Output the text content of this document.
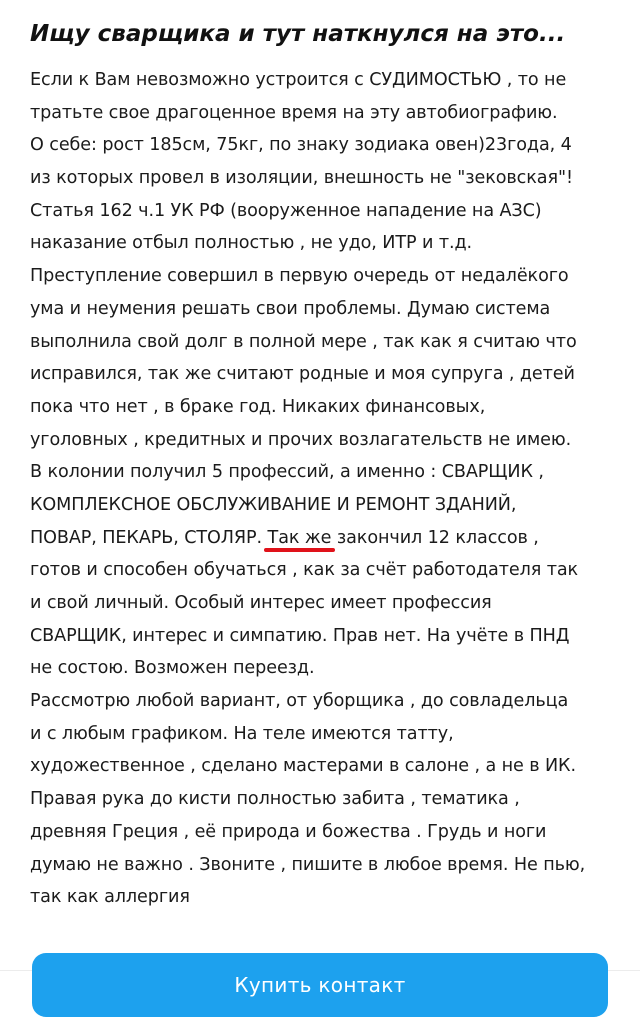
Ищу сварщика и тут наткнулся на это...
Если к Вам невозможно устроится с СУДИМОСТЬЮ , то не
тратьте свое драгоценное время на эту автобиографию.
О себе: рост 185см, 75кг, по знаку зодиака овен)23года, 4
из которых провел в изоляции, внешность не "зековская"!
Статья 162 ч.1 УК РФ (вооруженное нападение на АЗС)
наказание отбыл полностью , не удо, ИТР и т.д.
Преступление совершил в первую очередь от недалёкого
ума и неумения решать свои проблемы. Думаю система
выполнила свой долг в полной мере , так как я считаю что
исправился, так же считают родные и моя супруга , детей
пока что нет , в браке год. Никаких финансовых,
уголовных , кредитных и прочих возлагательств не имею.
В колонии получил 5 профессий, а именно : СВАРЩИК ,
КОМПЛЕКСНОЕ ОБСЛУЖИВАНИЕ И РЕМОНТ ЗДАНИЙ,
ПОВАР, ПЕКАРЬ, СТОЛЯР. Так же закончил 12 классов ,
готов и способен обучаться , как за счёт работодателя так
и свой личный. Особый интерес имеет профессия
СВАРЩИК, интерес и симпатию. Прав нет. На учёте в ПНД
не состою. Возможен переезд.
Рассмотрю любой вариант, от уборщика , до совладельца
и с любым графиком. На теле имеются татту,
художественное , сделано мастерами в салоне , а не в ИК.
Правая рука до кисти полностью забита , тематика ,
древняя Греция , её природа и божества . Грудь и ноги
думаю не важно . Звоните , пишите в любое время. Не пью,
так как аллергия
Купить контакт
